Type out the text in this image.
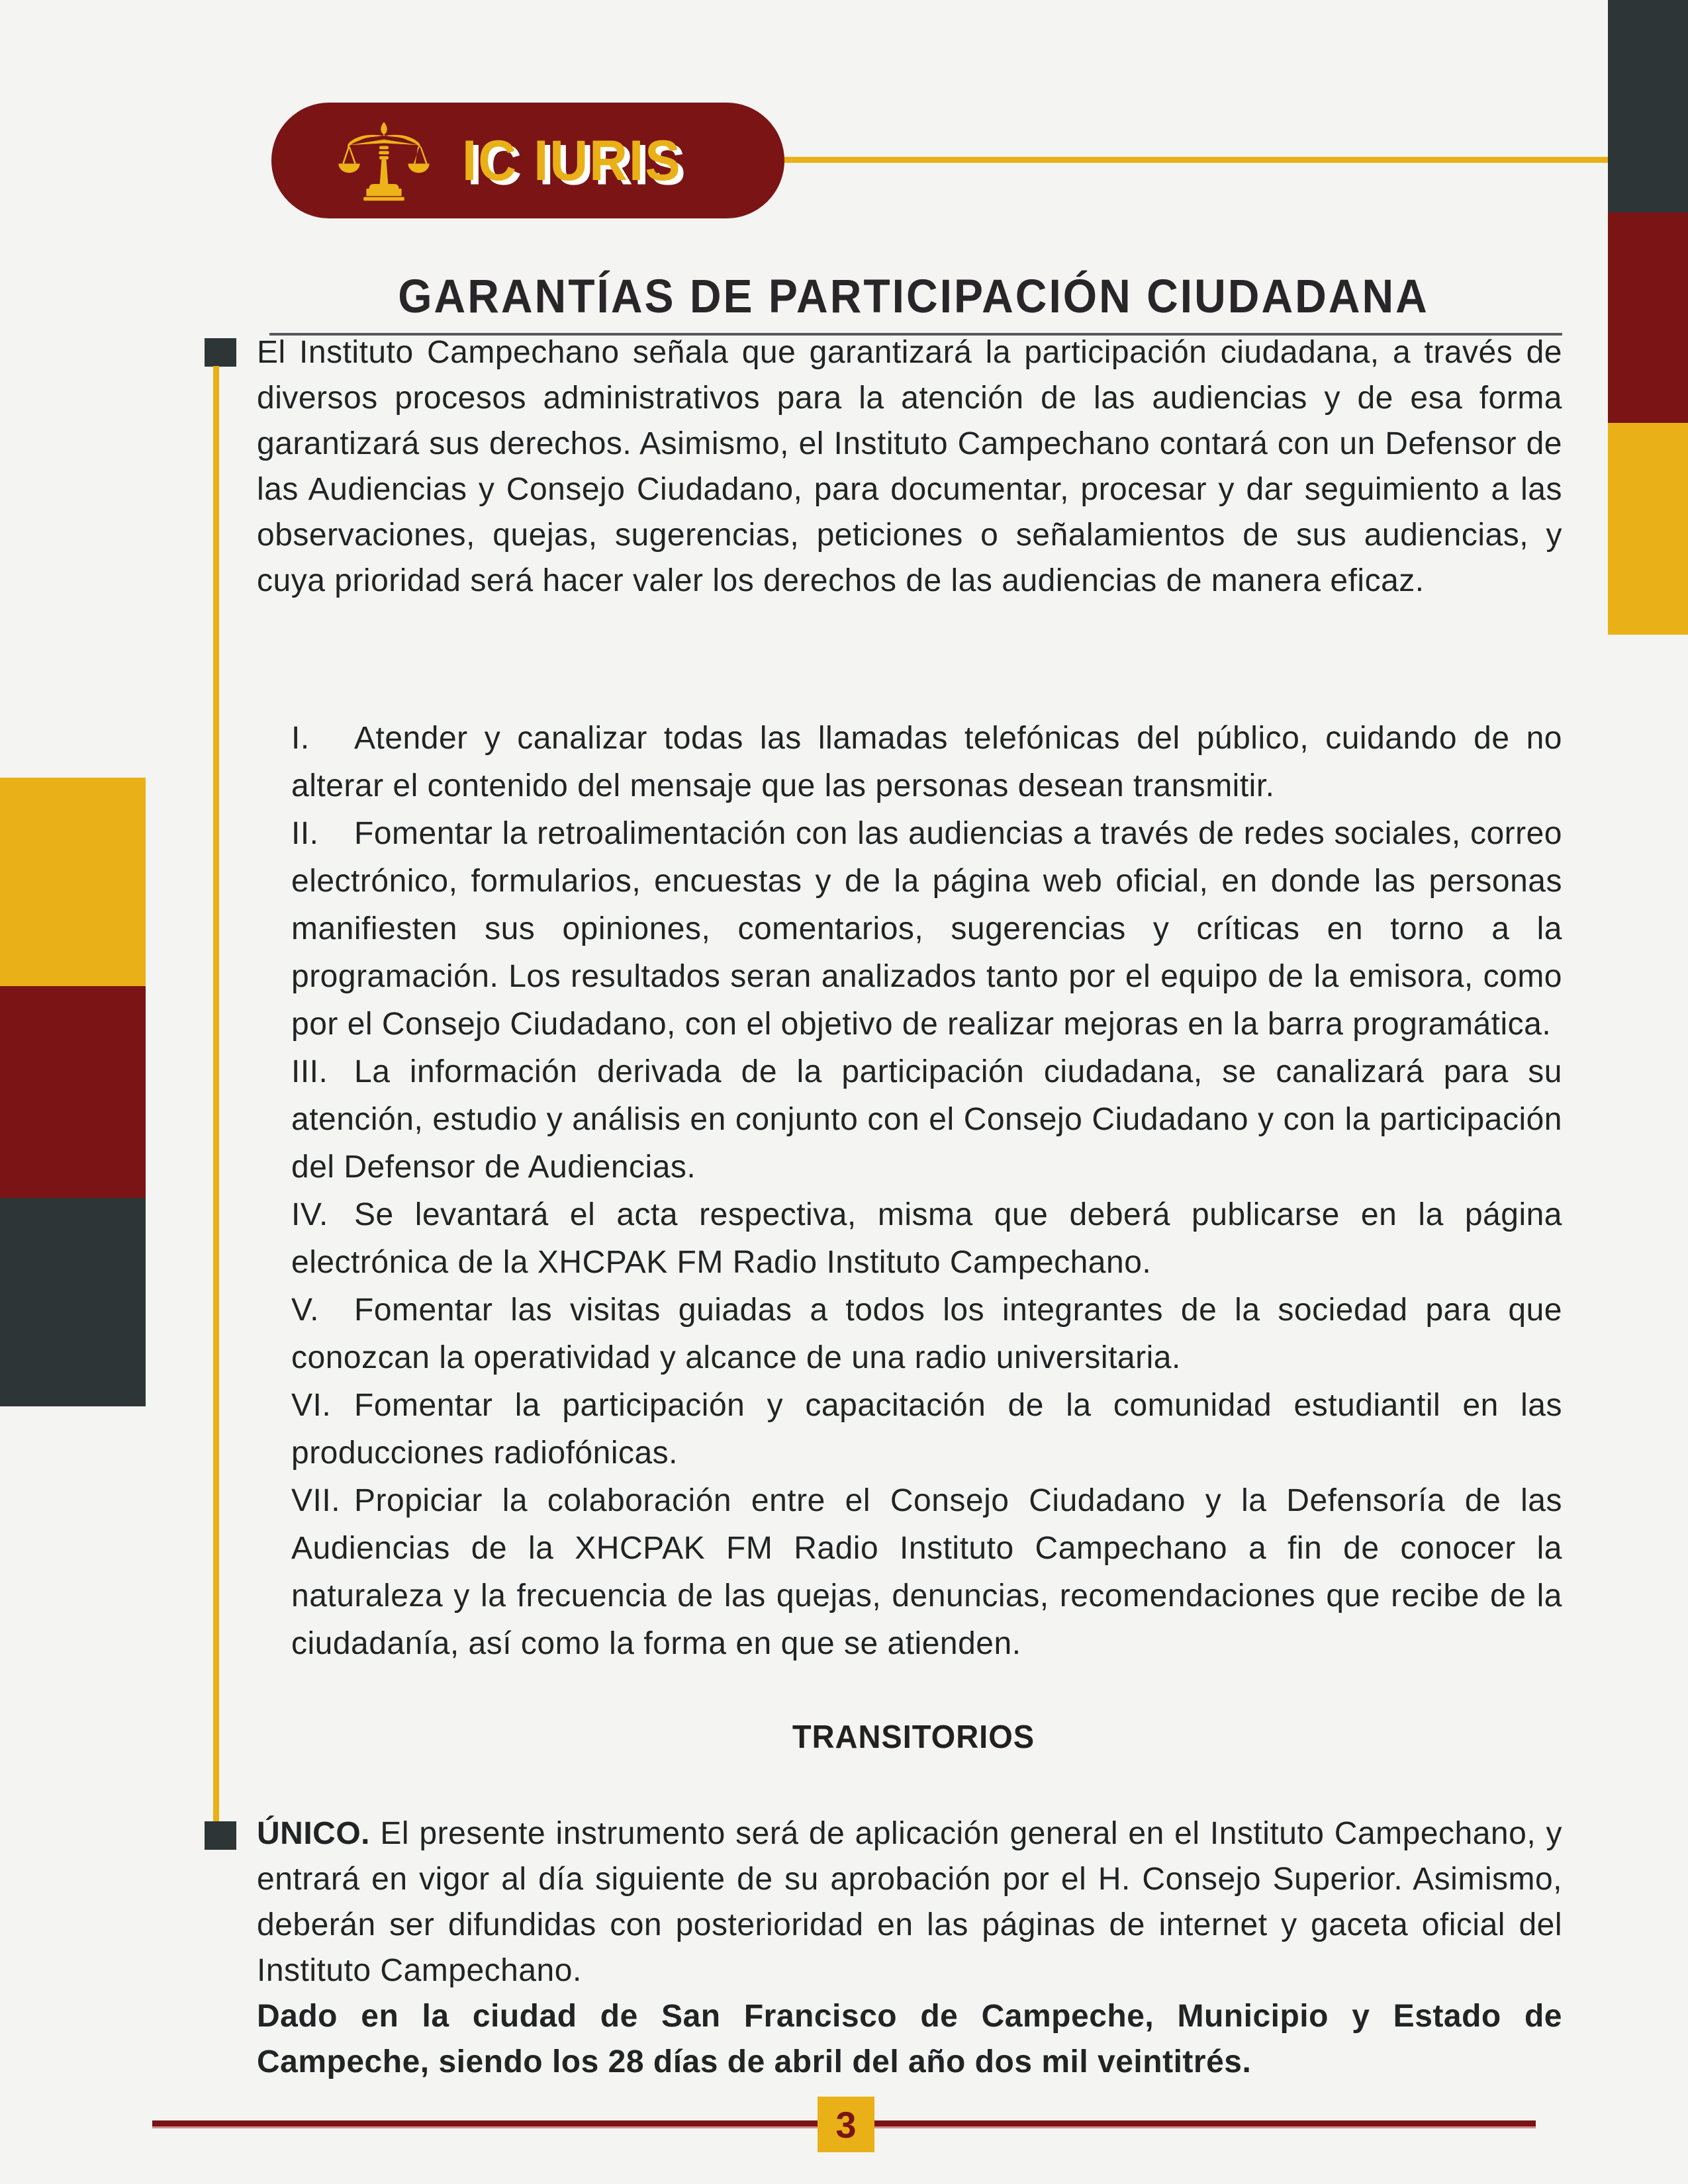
IC IURIS
GARANTÍAS DE PARTICIPACIÓN CIUDADANA
El Instituto Campechano señala que garantizará la participación ciudadana, a través de diversos procesos administrativos para la atención de las audiencias y de esa forma garantizará sus derechos. Asimismo, el Instituto Campechano contará con un Defensor de las Audiencias y Consejo Ciudadano, para documentar, procesar y dar seguimiento a las observaciones, quejas, sugerencias, peticiones o señalamientos de sus audiencias, y cuya prioridad será hacer valer los derechos de las audiencias de manera eficaz.
I. Atender y canalizar todas las llamadas telefónicas del público, cuidando de no alterar el contenido del mensaje que las personas desean transmitir.
II. Fomentar la retroalimentación con las audiencias a través de redes sociales, correo electrónico, formularios, encuestas y de la página web oficial, en donde las personas manifiesten sus opiniones, comentarios, sugerencias y críticas en torno a la programación. Los resultados seran analizados tanto por el equipo de la emisora, como por el Consejo Ciudadano, con el objetivo de realizar mejoras en la barra programática.
III. La información derivada de la participación ciudadana, se canalizará para su atención, estudio y análisis en conjunto con el Consejo Ciudadano y con la participación del Defensor de Audiencias.
IV. Se levantará el acta respectiva, misma que deberá publicarse en la página electrónica de la XHCPAK FM Radio Instituto Campechano.
V. Fomentar las visitas guiadas a todos los integrantes de la sociedad para que conozcan la operatividad y alcance de una radio universitaria.
VI. Fomentar la participación y capacitación de la comunidad estudiantil en las producciones radiofónicas.
VII. Propiciar la colaboración entre el Consejo Ciudadano y la Defensoría de las Audiencias de la XHCPAK FM Radio Instituto Campechano a fin de conocer la naturaleza y la frecuencia de las quejas, denuncias, recomendaciones que recibe de la ciudadanía, así como la forma en que se atienden.
TRANSITORIOS

ÚNICO. El presente instrumento será de aplicación general en el Instituto Campechano, y entrará en vigor al día siguiente de su aprobación por el H. Consejo Superior. Asimismo, deberán ser difundidas con posterioridad en las páginas de internet y gaceta oficial del Instituto Campechano.

Dado en la ciudad de San Francisco de Campeche, Municipio y Estado de Campeche, siendo los 28 días de abril del año dos mil veintitrés.

3
